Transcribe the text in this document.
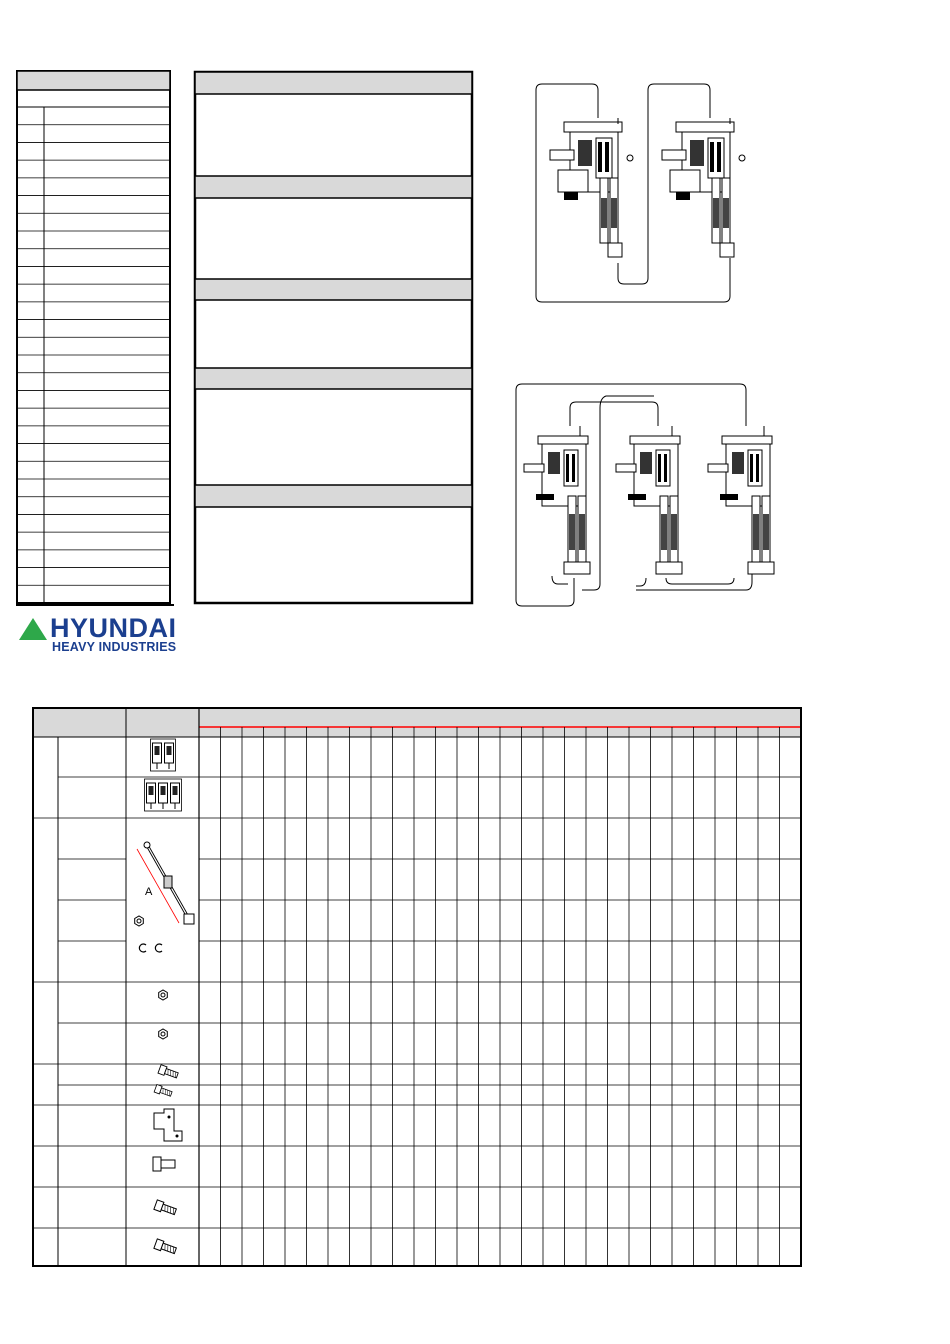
HYUNDAI
HEAVY INDUSTRIES
A
